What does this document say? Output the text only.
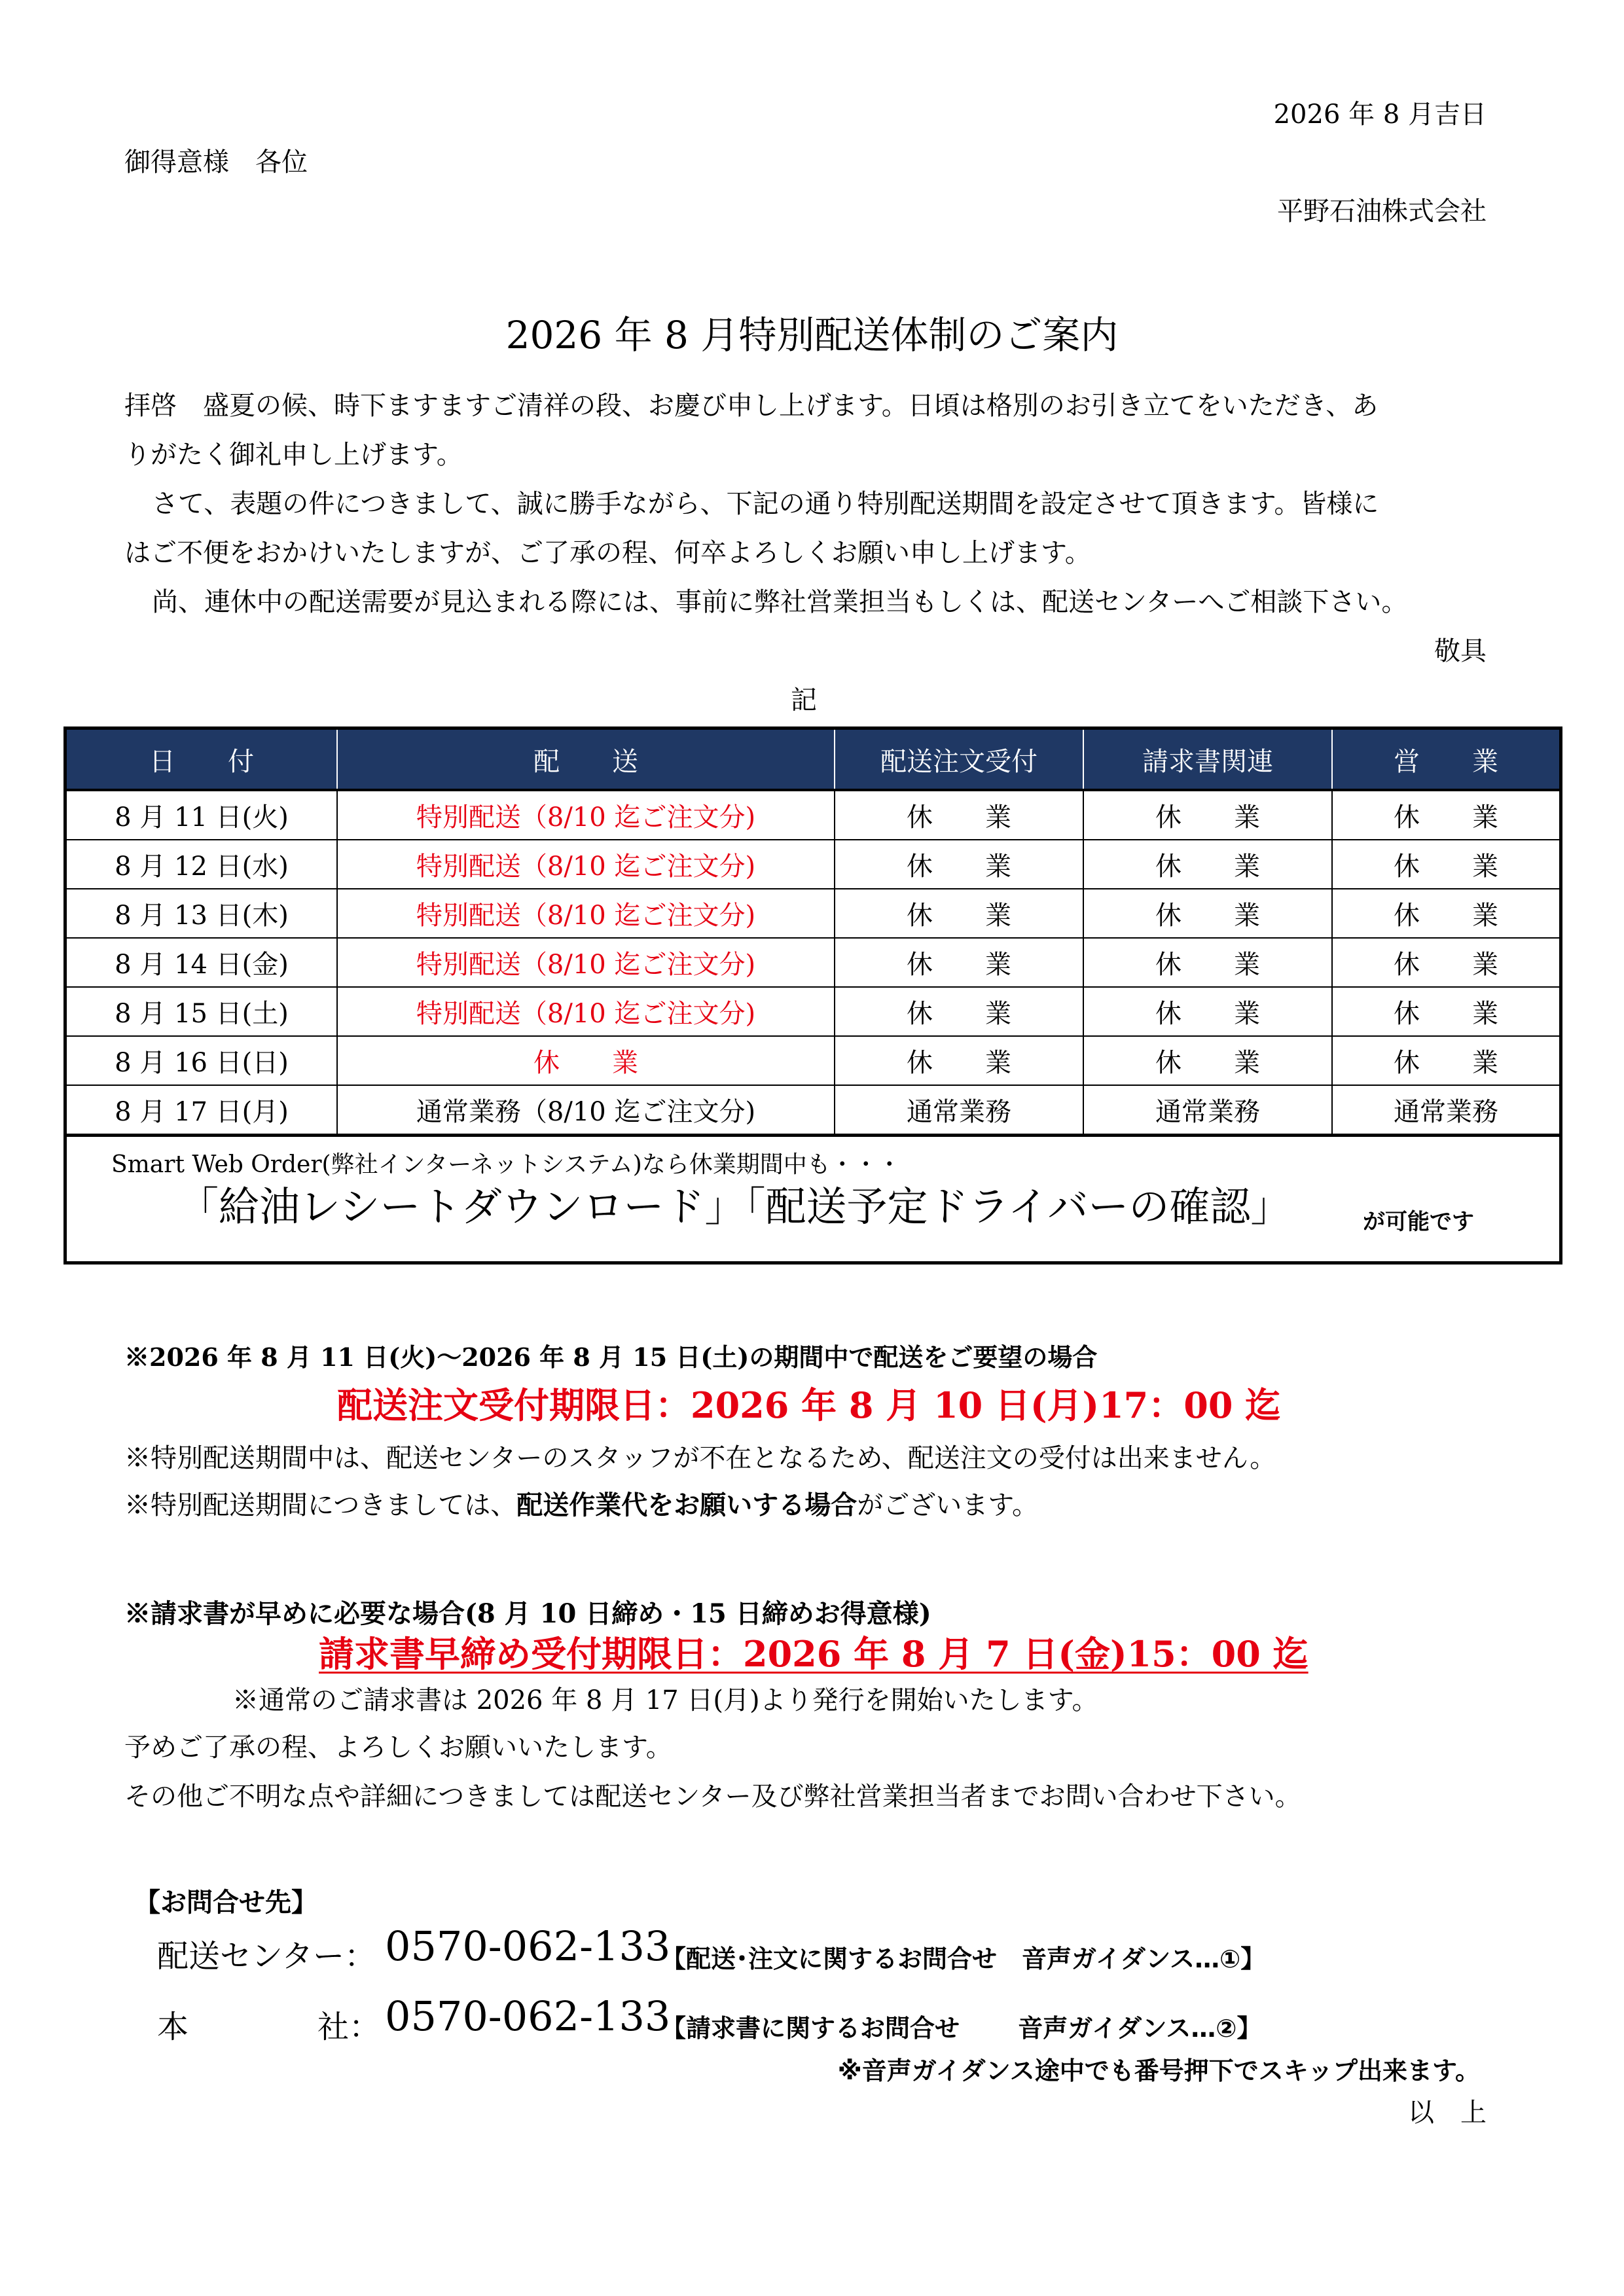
2026 年 8 月吉日
御得意様　各位
平野石油株式会社
2026 年 8 月特別配送体制のご案内
拝啓　盛夏の候、時下ますますご清祥の段、お慶び申し上げます。日頃は格別のお引き立てをいただき、あ
りがたく御礼申し上げます。
さて、表題の件につきまして、誠に勝手ながら、下記の通り特別配送期間を設定させて頂きます。皆様に
はご不便をおかけいたしますが、ご了承の程、何卒よろしくお願い申し上げます。
尚、連休中の配送需要が見込まれる際には、事前に弊社営業担当もしくは、配送センターへご相談下さい。
敬具
記
日　　付	配　　送	配送注文受付	請求書関連	営　　業
8 月 11 日(火)	特別配送（8/10 迄ご注文分)	休　　業	休　　業	休　　業
8 月 12 日(水)	特別配送（8/10 迄ご注文分)	休　　業	休　　業	休　　業
8 月 13 日(木)	特別配送（8/10 迄ご注文分)	休　　業	休　　業	休　　業
8 月 14 日(金)	特別配送（8/10 迄ご注文分)	休　　業	休　　業	休　　業
8 月 15 日(土)	特別配送（8/10 迄ご注文分)	休　　業	休　　業	休　　業
8 月 16 日(日)	休　　業	休　　業	休　　業	休　　業
8 月 17 日(月)	通常業務（8/10 迄ご注文分)	通常業務	通常業務	通常業務
Smart Web Order(弊社インターネットシステム)なら休業期間中も・・・
「給油レシートダウンロード」「配送予定ドライバーの確認」	が可能です
※2026 年 8 月 11 日(火)～2026 年 8 月 15 日(土)の期間中で配送をご要望の場合
配送注文受付期限日：2026 年 8 月 10 日(月)17：00 迄
※特別配送期間中は、配送センターのスタッフが不在となるため、配送注文の受付は出来ません。
※特別配送期間につきましては、配送作業代をお願いする場合がございます。
※請求書が早めに必要な場合(8 月 10 日締め・15 日締めお得意様)
請求書早締め受付期限日：2026 年 8 月 7 日(金)15：00 迄
※通常のご請求書は 2026 年 8 月 17 日(月)より発行を開始いたします。
予めご了承の程、よろしくお願いいたします。
その他ご不明な点や詳細につきましては配送センター及び弊社営業担当者までお問い合わせ下さい。
【お問合せ先】
配送センター： 0570-062-133
【配送･注文に関するお問合せ　音声ガイダンス…①】
本	社： 0570-062-133
【請求書に関するお問合せ　　 音声ガイダンス…②】
※音声ガイダンス途中でも番号押下でスキップ出来ます。
以　上
